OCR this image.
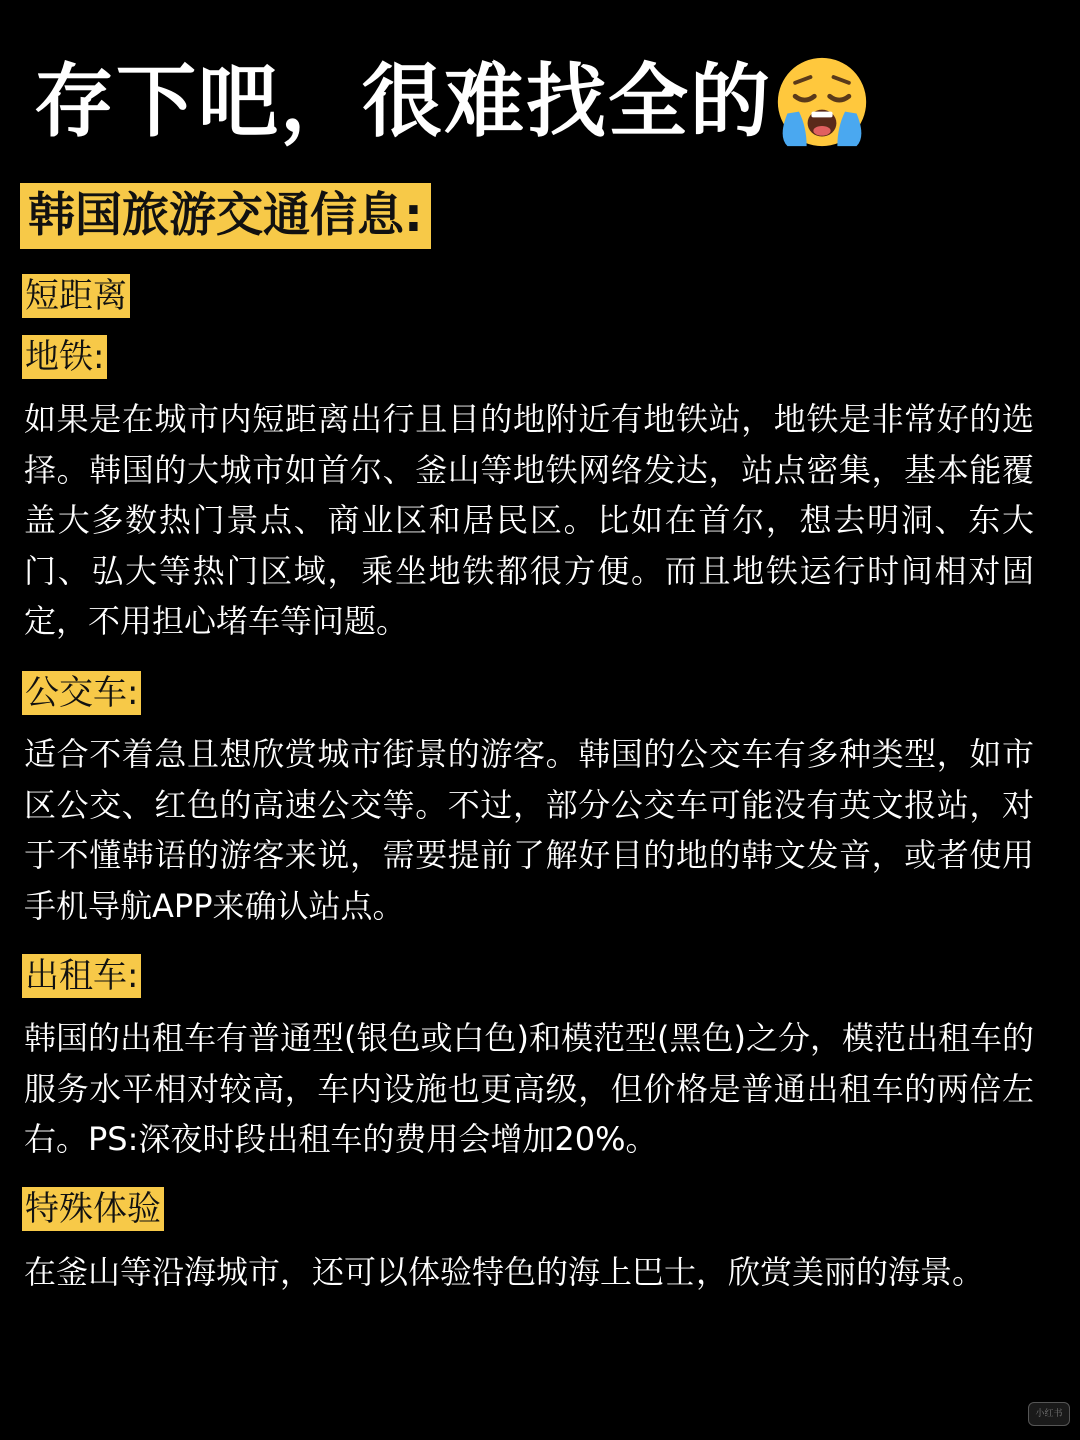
存下吧，很难找全的
韩国旅游交通信息:
短距离
地铁:

如果是在城市内短距离出行且目的地附近有地铁站，地铁是非常好的选择。韩国的大城市如首尔、釜山等地铁网络发达，站点密集，基本能覆盖大多数热门景点、商业区和居民区。比如在首尔，想去明洞、东大门、弘大等热门区域，乘坐地铁都很方便。而且地铁运行时间相对固定，不用担心堵车等问题。

公交车:

适合不着急且想欣赏城市街景的游客。韩国的公交车有多种类型，如市区公交、红色的高速公交等。不过，部分公交车可能没有英文报站，对于不懂韩语的游客来说，需要提前了解好目的地的韩文发音，或者使用手机导航APP来确认站点。

出租车:

韩国的出租车有普通型(银色或白色)和模范型(黑色)之分，模范出租车的服务水平相对较高，车内设施也更高级，但价格是普通出租车的两倍左右。PS:深夜时段出租车的费用会增加20%。

特殊体验

在釜山等沿海城市，还可以体验特色的海上巴士，欣赏美丽的海景。

小红书
